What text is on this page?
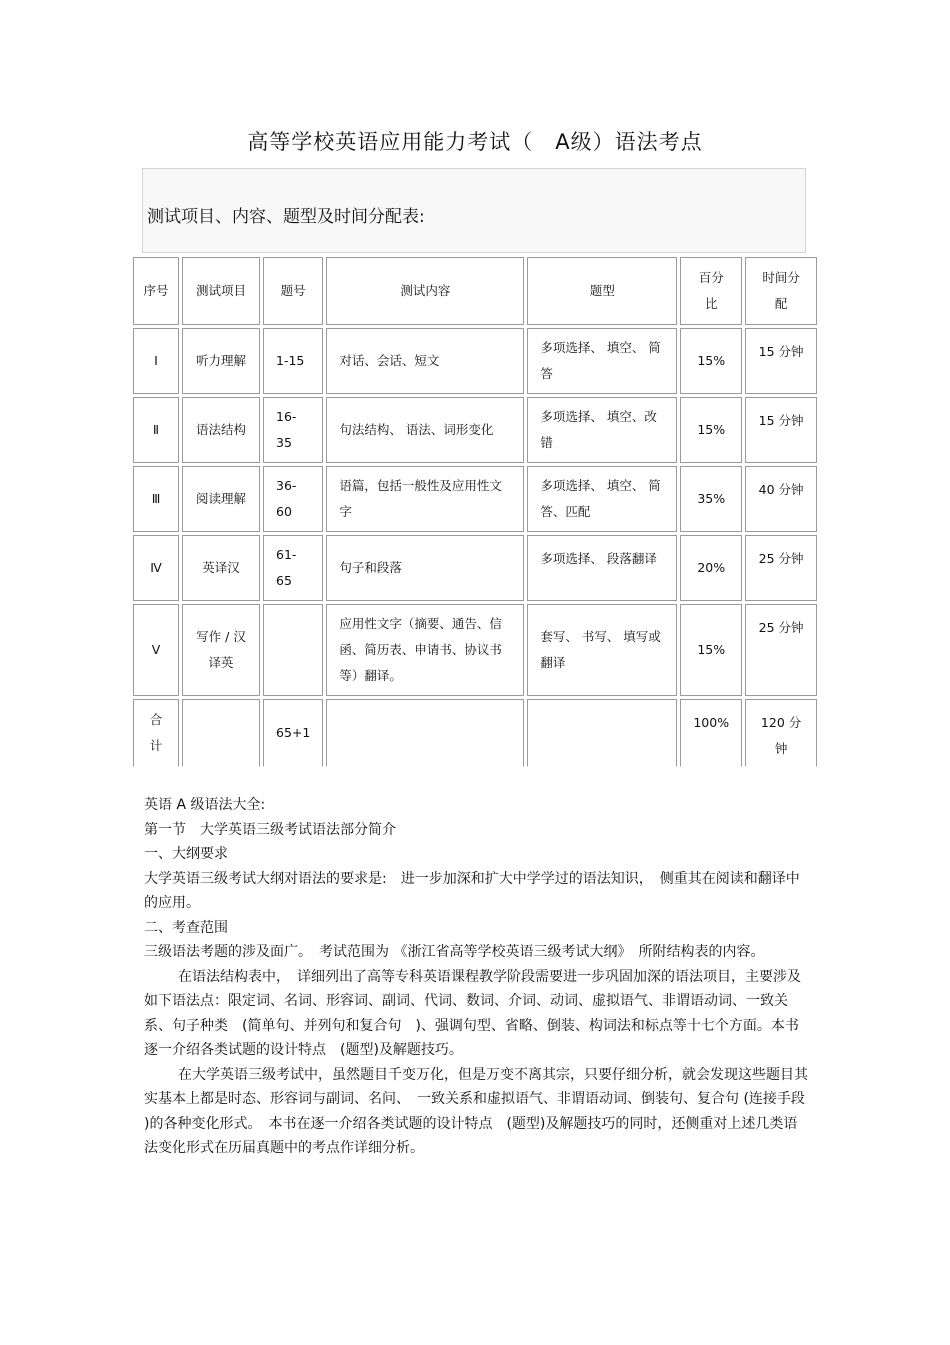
高等学校英语应用能力考试（　A级）语法考点
测试项目、内容、题型及时间分配表:
序号	测试项目	题号	测试内容	题型	百分比	时间分配
Ⅰ	听力理解	1-15	对话、会话、短文	多项选择、 填空、 简答	15%	15 分钟
Ⅱ	语法结构	16-35	句法结构、 语法、词形变化	多项选择、 填空、改错	15%	15 分钟
Ⅲ	阅读理解	36-60	语篇，包括一般性及应用性文字	多项选择、 填空、 简答、匹配	35%	40 分钟
Ⅳ	英译汉	61-65	句子和段落	多项选择、 段落翻译	20%	25 分钟
Ⅴ	写作 / 汉译英		应用性文字（摘要、通告、信函、简历表、申请书、协议书等）翻译。	套写、 书写、 填写或翻译	15%	25 分钟
合计		65+1			100%	120 分钟

英语 A 级语法大全:

第一节　大学英语三级考试语法部分简介

一、大纲要求

大学英语三级考试大纲对语法的要求是:　进一步加深和扩大中学学过的语法知识，　侧重其在阅读和翻译中的应用。

二、考查范围

三级语法考题的涉及面广。　考试范围为 《浙江省高等学校英语三级考试大纲》　所附结构表的内容。

在语法结构表中，　详细列出了高等专科英语课程教学阶段需要进一步巩固加深的语法项目，主要涉及如下语法点：限定词、名词、形容词、副词、代词、数词、介词、动词、虚拟语气、非谓语动词、一致关系、句子种类　(简单句、并列句和复合句　)、强调句型、省略、倒装、构词法和标点等十七个方面。本书逐一介绍各类试题的设计特点　(题型)及解题技巧。

在大学英语三级考试中，虽然题目千变万化，但是万变不离其宗，只要仔细分析，就会发现这些题目其实基本上都是时态、形容词与副词、名问、　一致关系和虚拟语气、非谓语动词、倒装句、复合句 (连接手段 )的各种变化形式。　本书在逐一介绍各类试题的设计特点　(题型)及解题技巧的同时，还侧重对上述几类语法变化形式在历届真题中的考点作详细分析。
